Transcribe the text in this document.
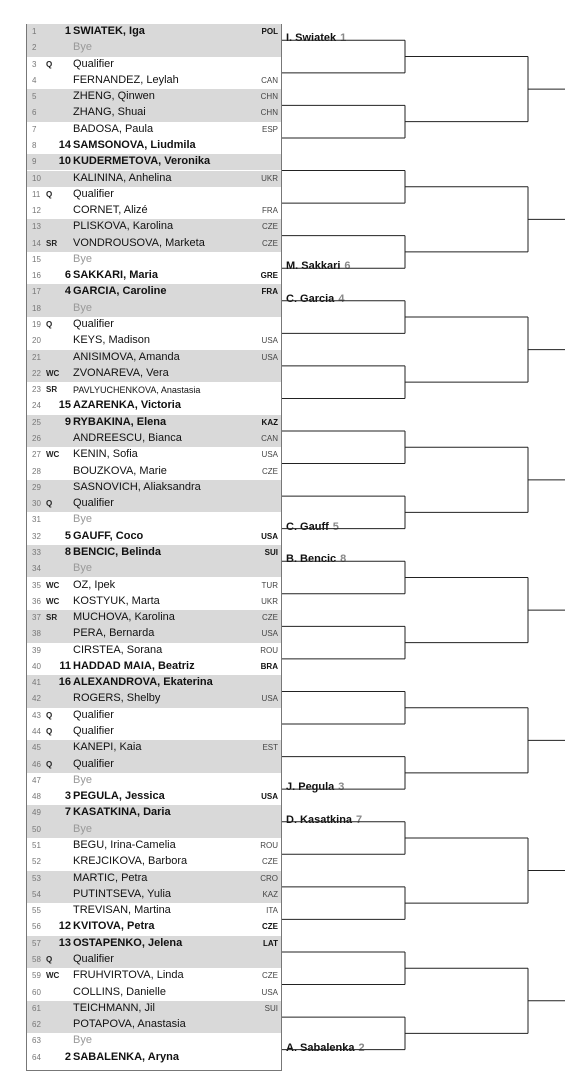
1	1 SWIATEK, Iga	POL
2	Bye
3 Q Qualifier
4	FERNANDEZ, Leylah	CAN
5	ZHENG, Qinwen	CHN
6	ZHANG, Shuai	CHN
7	BADOSA, Paula	ESP
8	14 SAMSONOVA, Liudmila
9	10 KUDERMETOVA, Veronika
10	KALININA, Anhelina	UKR
11 Q Qualifier
12	CORNET, Alizé	FRA
13	PLISKOVA, Karolina	CZE
14 SR VONDROUSOVA, Marketa	CZE
15	Bye
16	6 SAKKARI, Maria	GRE
17	4 GARCIA, Caroline	FRA
18	Bye
19 Q Qualifier
20	KEYS, Madison	USA
21	ANISIMOVA, Amanda	USA
22 WC ZVONAREVA, Vera
23 SR PAVLYUCHENKOVA, Anastasia
24	15 AZARENKA, Victoria
25	9 RYBAKINA, Elena	KAZ
26	ANDREESCU, Bianca	CAN
27 WC KENIN, Sofia	USA
28	BOUZKOVA, Marie	CZE
29	SASNOVICH, Aliaksandra
30 Q Qualifier
31	Bye
32	5 GAUFF, Coco	USA
33	8 BENCIC, Belinda	SUI
34	Bye
35 WC OZ, Ipek	TUR
36 WC KOSTYUK, Marta	UKR
37 SR MUCHOVA, Karolina	CZE
38	PERA, Bernarda	USA
39	CIRSTEA, Sorana	ROU
40	11 HADDAD MAIA, Beatriz	BRA
41	16 ALEXANDROVA, Ekaterina
42	ROGERS, Shelby	USA
43 Q Qualifier
44 Q Qualifier
45	KANEPI, Kaia	EST
46 Q Qualifier
47	Bye
48	3 PEGULA, Jessica	USA
49	7 KASATKINA, Daria
50	Bye
51	BEGU, Irina-Camelia	ROU
52	KREJCIKOVA, Barbora	CZE
53	MARTIC, Petra	CRO
54	PUTINTSEVA, Yulia	KAZ
55	TREVISAN, Martina	ITA
56	12 KVITOVA, Petra	CZE
57	13 OSTAPENKO, Jelena	LAT
58 Q Qualifier
59 WC FRUHVIRTOVA, Linda	CZE
60	COLLINS, Danielle	USA
61	TEICHMANN, Jil	SUI
62	POTAPOVA, Anastasia
63	Bye
64	2 SABALENKA, Aryna
I. Swiatek 1
M. Sakkari 6
C. Garcia 4
C. Gauff 5
B. Bencic 8
J. Pegula 3
D. Kasatkina 7
A. Sabalenka 2
